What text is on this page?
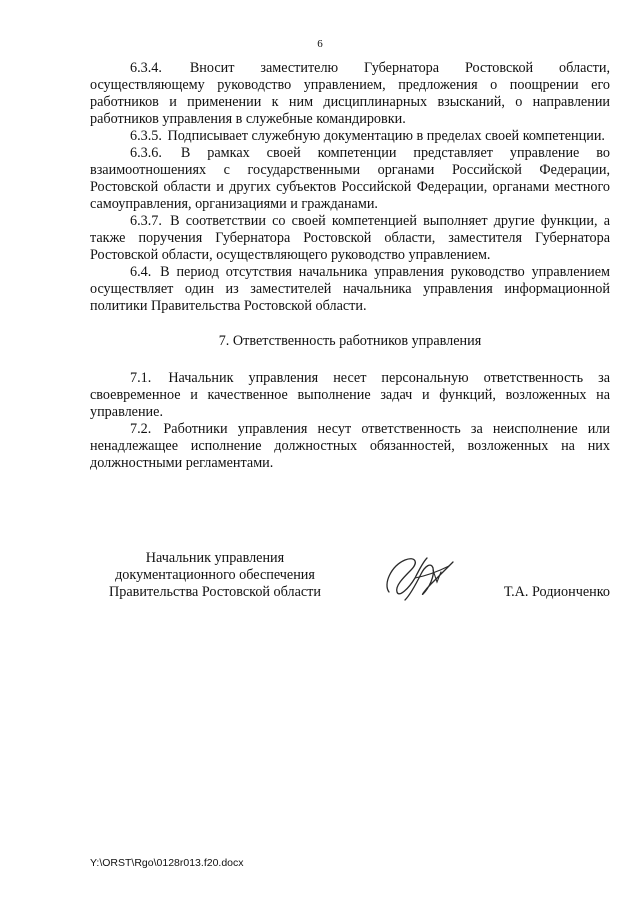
6

6.3.4. Вносит заместителю Губернатора Ростовской области, осуществляющему руководство управлением, предложения о поощрении его работников и применении к ним дисциплинарных взысканий, о направлении работников управления в служебные командировки.

6.3.5. Подписывает служебную документацию в пределах своей компетенции.

6.3.6. В рамках своей компетенции представляет управление во взаимоотношениях с государственными органами Российской Федерации, Ростовской области и других субъектов Российской Федерации, органами местного самоуправления, организациями и гражданами.

6.3.7. В соответствии со своей компетенцией выполняет другие функции, а также поручения Губернатора Ростовской области, заместителя Губернатора Ростовской области, осуществляющего руководство управлением.

6.4. В период отсутствия начальника управления руководство управлением осуществляет один из заместителей начальника управления информационной политики Правительства Ростовской области.

7. Ответственность работников управления

7.1. Начальник управления несет персональную ответственность за своевременное и качественное выполнение задач и функций, возложенных на управление.

7.2. Работники управления несут ответственность за неисполнение или ненадлежащее исполнение должностных обязанностей, возложенных на них должностными регламентами.

Начальник управления
документационного обеспечения
Правительства Ростовской области	Т.А. Родионченко
Y:\ORST\Rgo\0128r013.f20.docx
